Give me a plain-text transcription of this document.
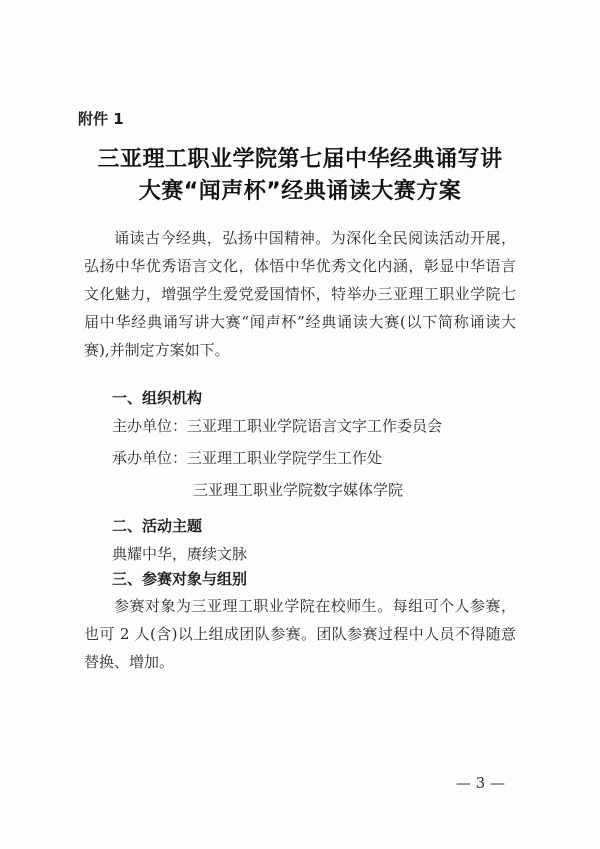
附件 1
三亚理工职业学院第七届中华经典诵写讲
大赛“闻声杯”经典诵读大赛方案
诵读古今经典，弘扬中国精神。为深化全民阅读活动开展，弘扬中华优秀语言文化，体悟中华优秀文化内涵，彰显中华语言文化魅力，增强学生爱党爱国情怀，特举办三亚理工职业学院七届中华经典诵写讲大赛“闻声杯”经典诵读大赛(以下简称诵读大赛),并制定方案如下。
一、组织机构
主办单位：三亚理工职业学院语言文字工作委员会
承办单位：三亚理工职业学院学生工作处
三亚理工职业学院数字媒体学院
二、活动主题
典耀中华，赓续文脉
三、参赛对象与组别
参赛对象为三亚理工职业学院在校师生。每组可个人参赛，也可 2 人(含)以上组成团队参赛。团队参赛过程中人员不得随意替换、增加。
— 3 —
